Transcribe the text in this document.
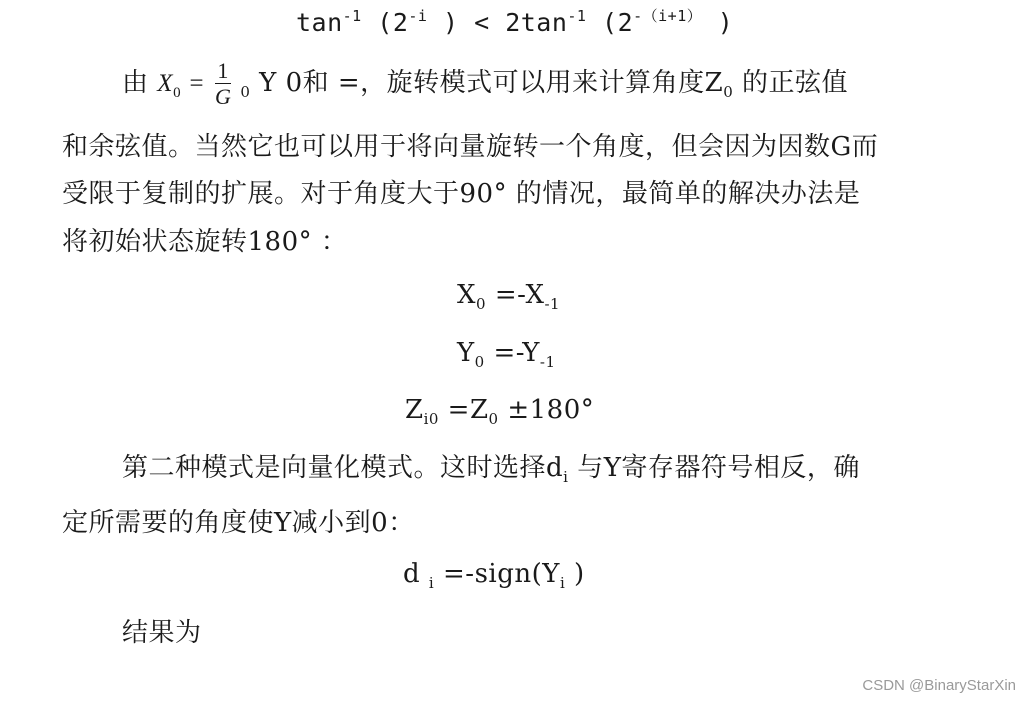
$\tan^{-1} (2^{-i}$ ) < $2\tan^{-1}$ ($2^{-(i+1)}$ )
由 $X_0 = \frac{1}{G} _0$ Y 0和 =，旋转模式可以用来计算角度$Z_0$ 的正弦值
和余弦值。当然它也可以用于将向量旋转一个角度，但会因为因数G而
受限于复制的扩展。对于角度大于90° 的情况，最简单的解决办法是
将初始状态旋转180° ：
$X_0 =-X_{-1}$
$Y_0 =-Y_{-1}$
$Z_{i0} =Z_0 \pm 180^\circ$
第二种模式是向量化模式。这时选择$d_i$ 与Y寄存器符号相反，确
定所需要的角度使Y减小到0：
d $_i =-sign(Y_i$ )
结果为
CSDN @BinaryStarXin
